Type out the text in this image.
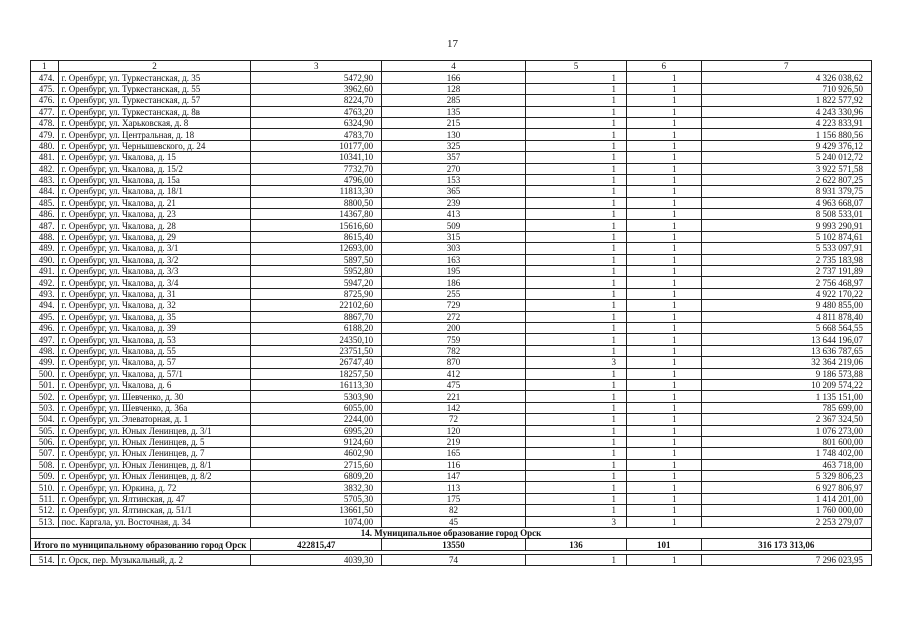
17
1	2	3	4	5	6	7
474.	г. Оренбург, ул. Туркестанская, д. 35	5472,90	166	1	1	4 326 038,62
475.	г. Оренбург, ул. Туркестанская, д. 55	3962,60	128	1	1	710 926,50
476.	г. Оренбург, ул. Туркестанская, д. 57	8224,70	285	1	1	1 822 577,92
477.	г. Оренбург, ул. Туркестанская, д. 8в	4763,20	135	1	1	4 243 330,96
478.	г. Оренбург, ул. Харьковская, д. 8	6324,90	215	1	1	4 223 833,91
479.	г. Оренбург, ул. Центральная, д. 18	4783,70	130	1	1	1 156 880,56
480.	г. Оренбург, ул. Чернышевского, д. 24	10177,00	325	1	1	9 429 376,12
481.	г. Оренбург, ул. Чкалова, д. 15	10341,10	357	1	1	5 240 012,72
482.	г. Оренбург, ул. Чкалова, д. 15/2	7732,70	270	1	1	3 922 571,58
483.	г. Оренбург, ул. Чкалова, д. 15а	4796,00	153	1	1	2 622 807,25
484.	г. Оренбург, ул. Чкалова, д. 18/1	11813,30	365	1	1	8 931 379,75
485.	г. Оренбург, ул. Чкалова, д. 21	8800,50	239	1	1	4 963 668,07
486.	г. Оренбург, ул. Чкалова, д. 23	14367,80	413	1	1	8 508 533,01
487.	г. Оренбург, ул. Чкалова, д. 28	15616,60	509	1	1	9 993 290,91
488.	г. Оренбург, ул. Чкалова, д. 29	8615,40	315	1	1	5 102 874,61
489.	г. Оренбург, ул. Чкалова, д. 3/1	12693,00	303	1	1	5 533 097,91
490.	г. Оренбург, ул. Чкалова, д. 3/2	5897,50	163	1	1	2 735 183,98
491.	г. Оренбург, ул. Чкалова, д. 3/3	5952,80	195	1	1	2 737 191,89
492.	г. Оренбург, ул. Чкалова, д. 3/4	5947,20	186	1	1	2 756 468,97
493.	г. Оренбург, ул. Чкалова, д. 31	8725,90	255	1	1	4 922 170,22
494.	г. Оренбург, ул. Чкалова, д. 32	22102,60	729	1	1	9 480 855,00
495.	г. Оренбург, ул. Чкалова, д. 35	8867,70	272	1	1	4 811 878,40
496.	г. Оренбург, ул. Чкалова, д. 39	6188,20	200	1	1	5 668 564,55
497.	г. Оренбург, ул. Чкалова, д. 53	24350,10	759	1	1	13 644 196,07
498.	г. Оренбург, ул. Чкалова, д. 55	23751,50	782	1	1	13 636 787,65
499.	г. Оренбург, ул. Чкалова, д. 57	26747,40	870	3	1	32 364 219,06
500.	г. Оренбург, ул. Чкалова, д. 57/1	18257,50	412	1	1	9 186 573,88
501.	г. Оренбург, ул. Чкалова, д. 6	16113,30	475	1	1	10 209 574,22
502.	г. Оренбург, ул. Шевченко, д. 30	5303,90	221	1	1	1 135 151,00
503.	г. Оренбург, ул. Шевченко, д. 36а	6055,00	142	1	1	785 699,00
504.	г. Оренбург, ул. Элеваторная, д. 1	2244,00	72	1	1	2 367 324,50
505.	г. Оренбург, ул. Юных Ленинцев, д. 3/1	6995,20	120	1	1	1 076 273,00
506.	г. Оренбург, ул. Юных Ленинцев, д. 5	9124,60	219	1	1	801 600,00
507.	г. Оренбург, ул. Юных Ленинцев, д. 7	4602,90	165	1	1	1 748 402,00
508.	г. Оренбург, ул. Юных Ленинцев, д. 8/1	2715,60	116	1	1	463 718,00
509.	г. Оренбург, ул. Юных Ленинцев, д. 8/2	6809,20	147	1	1	5 329 806,23
510.	г. Оренбург, ул. Юркина, д. 72	3832,30	113	1	1	6 927 806,97
511.	г. Оренбург, ул. Ялтинская, д. 47	5705,30	175	1	1	1 414 201,00
512.	г. Оренбург, ул. Ялтинская, д. 51/1	13661,50	82	1	1	1 760 000,00
513.	пос. Каргала, ул. Восточная, д. 34	1074,00	45	3	1	2 253 279,07
14. Муниципальное образование город Орск						
Итого по муниципальному образованию город Орск		422815,47	13550	136	101	316 173 313,06

514.	г. Орск, пер. Музыкальный, д. 2	4039,30	74	1	1	7 296 023,95
